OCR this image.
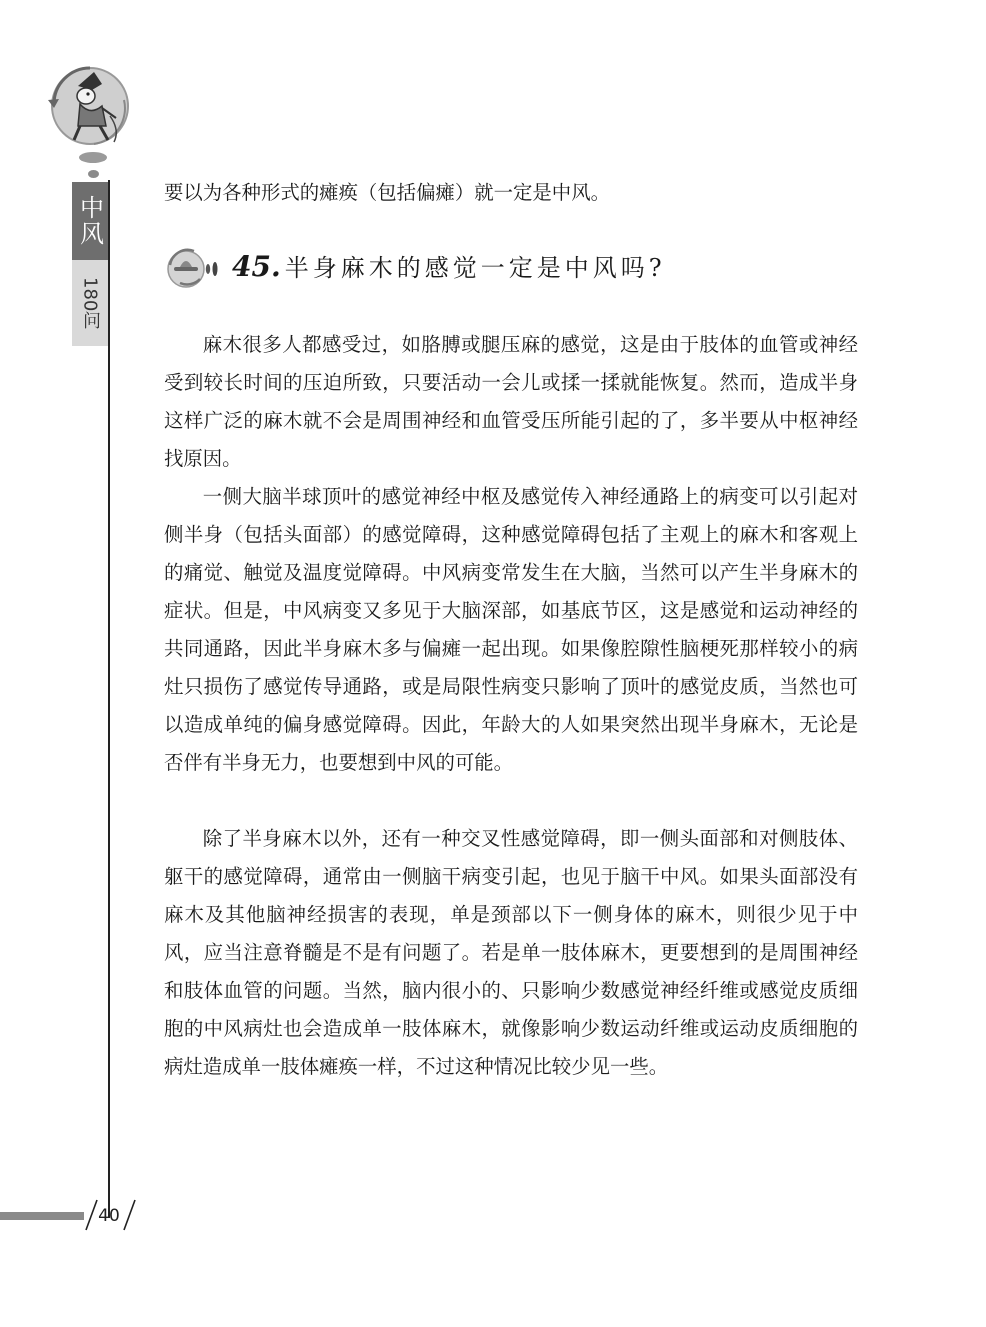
中风
180
问
40

要以为各种形式的瘫痪（包括偏瘫）就一定是中风。

45. 半身麻木的感觉一定是中风吗?

麻木很多人都感受过，如胳膊或腿压麻的感觉，这是由于肢体的血管或神经受到较长时间的压迫所致，只要活动一会儿或揉一揉就能恢复。然而，造成半身这样广泛的麻木就不会是周围神经和血管受压所能引起的了，多半要从中枢神经找原因。

一侧大脑半球顶叶的感觉神经中枢及感觉传入神经通路上的病变可以引起对侧半身（包括头面部）的感觉障碍，这种感觉障碍包括了主观上的麻木和客观上的痛觉、触觉及温度觉障碍。中风病变常发生在大脑，当然可以产生半身麻木的症状。但是，中风病变又多见于大脑深部，如基底节区，这是感觉和运动神经的共同通路，因此半身麻木多与偏瘫一起出现。如果像腔隙性脑梗死那样较小的病灶只损伤了感觉传导通路，或是局限性病变只影响了顶叶的感觉皮质，当然也可以造成单纯的偏身感觉障碍。因此，年龄大的人如果突然出现半身麻木，无论是否伴有半身无力，也要想到中风的可能。

除了半身麻木以外，还有一种交叉性感觉障碍，即一侧头面部和对侧肢体、躯干的感觉障碍，通常由一侧脑干病变引起，也见于脑干中风。如果头面部没有麻木及其他脑神经损害的表现，单是颈部以下一侧身体的麻木，则很少见于中风，应当注意脊髓是不是有问题了。若是单一肢体麻木，更要想到的是周围神经和肢体血管的问题。当然，脑内很小的、只影响少数感觉神经纤维或感觉皮质细胞的中风病灶也会造成单一肢体麻木，就像影响少数运动纤维或运动皮质细胞的病灶造成单一肢体瘫痪一样，不过这种情况比较少见一些。
